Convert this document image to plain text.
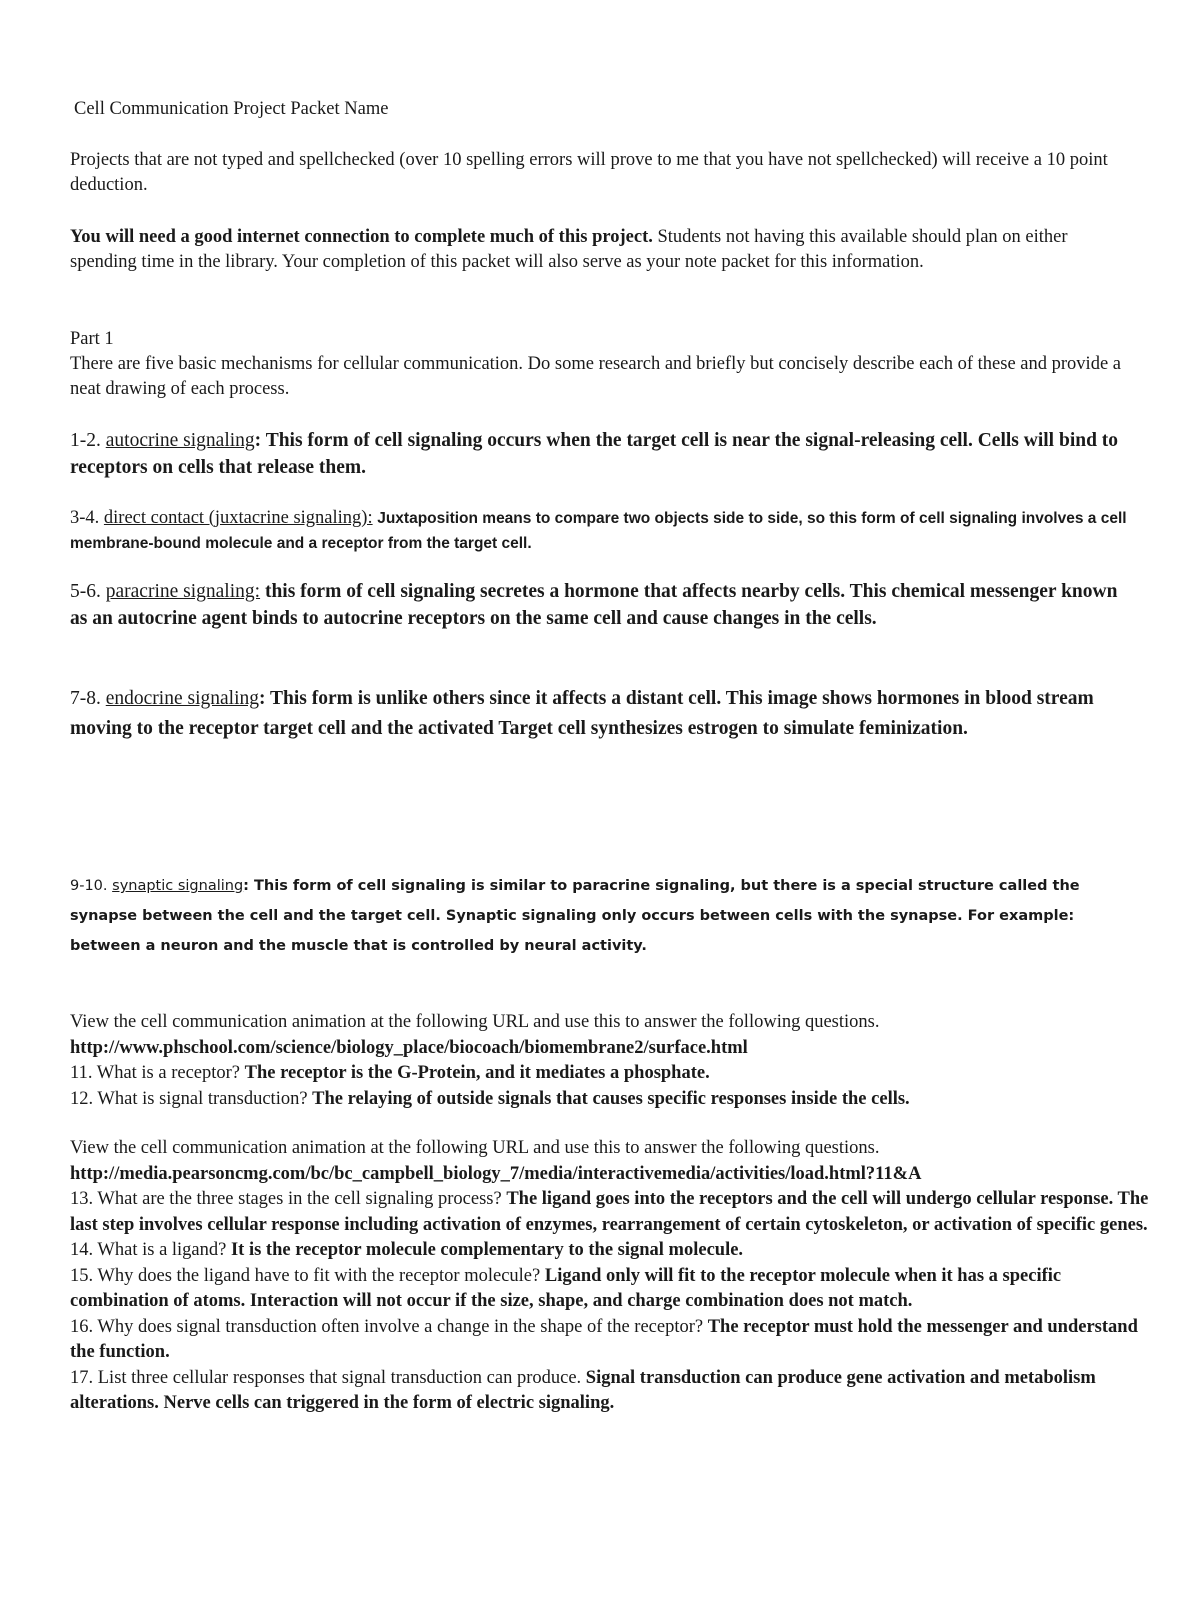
Cell Communication Project Packet Name

Projects that are not typed and spellchecked (over 10 spelling errors will prove to me that you have not spellchecked) will receive a 10 point deduction.

You will need a good internet connection to complete much of this project. Students not having this available should plan on either spending time in the library. Your completion of this packet will also serve as your note packet for this information.

Part 1

There are five basic mechanisms for cellular communication. Do some research and briefly but concisely describe each of these and provide a neat drawing of each process.

1-2. autocrine signaling: This form of cell signaling occurs when the target cell is near the signal-releasing cell. Cells will bind to receptors on cells that release them.

3-4. direct contact (juxtacrine signaling): Juxtaposition means to compare two objects side to side, so this form of cell signaling involves a cell membrane-bound molecule and a receptor from the target cell.

5-6. paracrine signaling: this form of cell signaling secretes a hormone that affects nearby cells. This chemical messenger known as an autocrine agent binds to autocrine receptors on the same cell and cause changes in the cells.

7-8. endocrine signaling: This form is unlike others since it affects a distant cell. This image shows hormones in blood stream moving to the receptor target cell and the activated Target cell synthesizes estrogen to simulate feminization.

9-10. synaptic signaling: This form of cell signaling is similar to paracrine signaling, but there is a special structure called the synapse between the cell and the target cell. Synaptic signaling only occurs between cells with the synapse. For example: between a neuron and the muscle that is controlled by neural activity.

View the cell communication animation at the following URL and use this to answer the following questions.
http://www.phschool.com/science/biology_place/biocoach/biomembrane2/surface.html
11. What is a receptor? The receptor is the G-Protein, and it mediates a phosphate.
12. What is signal transduction? The relaying of outside signals that causes specific responses inside the cells.
View the cell communication animation at the following URL and use this to answer the following questions.
http://media.pearsoncmg.com/bc/bc_campbell_biology_7/media/interactivemedia/activities/load.html?11&A
13. What are the three stages in the cell signaling process? The ligand goes into the receptors and the cell will undergo cellular response. The last step involves cellular response including activation of enzymes, rearrangement of certain cytoskeleton, or activation of specific genes.
14. What is a ligand? It is the receptor molecule complementary to the signal molecule.
15. Why does the ligand have to fit with the receptor molecule? Ligand only will fit to the receptor molecule when it has a specific combination of atoms. Interaction will not occur if the size, shape, and charge combination does not match.
16. Why does signal transduction often involve a change in the shape of the receptor? The receptor must hold the messenger and understand the function.
17. List three cellular responses that signal transduction can produce. Signal transduction can produce gene activation and metabolism alterations. Nerve cells can triggered in the form of electric signaling.
